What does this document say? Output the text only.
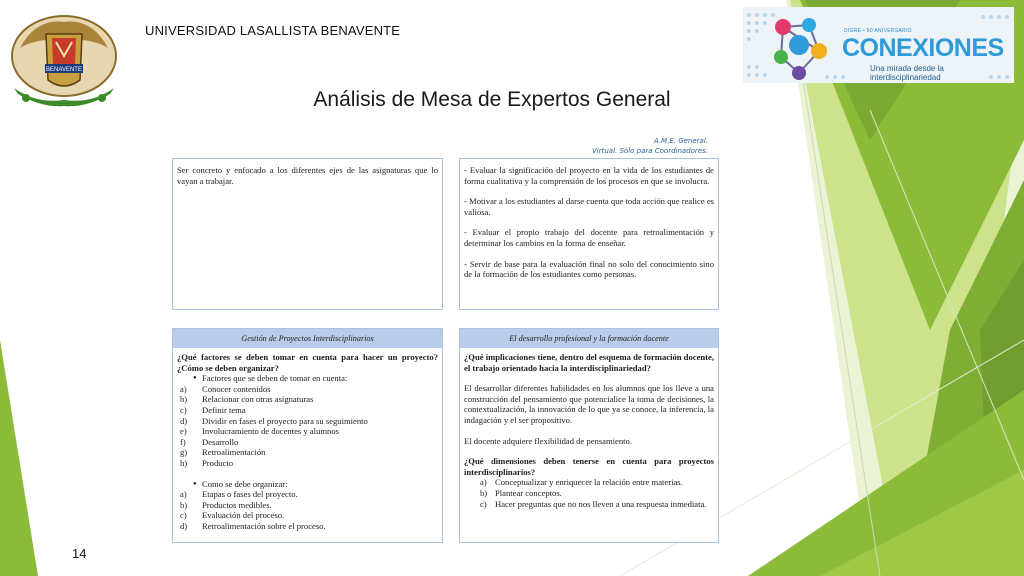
BENAVENTE
UNIVERSIDAD LASALLISTA BENAVENTE	DIGRE • 50 ANIVERSARIO
CONEXIONES
Una mirada desde la interdisciplinariedad
Análisis de Mesa de Expertos General
A.M.E. General.
Virtual. Sólo para Coordinadores.

Ser concreto y enfocado a los diferentes ejes de las asignaturas que lo vayan a trabajar.

- Evaluar la significación del proyecto en la vida de los estudiantes de forma cualitativa y la comprensión de los procesos en que se involucra.

- Motivar a los estudiantes al darse cuenta que toda acción que realice es valiosa.

- Evaluar el propio trabajo del docente para retroalimentación y determinar los cambios en la forma de enseñar.

- Servir de base para la evaluación final no solo del conocimiento sino de la formación de los estudiantes como personas.

Gestión de Proyectos Interdisciplinarios

¿Qué factores se deben tomar en cuenta para hacer un proyecto? ¿Cómo se deben organizar?

● Factores que se deben de tomar en cuenta:
a) Conocer contenidos
b) Relacionar con otras asignaturas
c) Definir tema
d) Dividir en fases el proyecto para su seguimiento
e) Involucramiento de docentes y alumnos
f) Desarrollo
g) Retroalimentación
h) Producto
● Como se debe organizar:
a) Etapas o fases del proyecto.
b) Productos medibles.
c) Evaluación del proceso.
d) Retroalimentación sobre el proceso.
El desarrollo profesional y la formación docente

¿Qué implicaciones tiene, dentro del esquema de formación docente, el trabajo orientado hacia la interdisciplinariedad?

El desarrollar diferentes habilidades en los alumnos que los lleve a una construcción del pensamiento que potencialice la toma de decisiones, la contextualización, la innovación de lo que ya se conoce, la inferencia, la indagación y el ser propositivo.

El docente adquiere flexibilidad de pensamiento.

¿Qué dimensiones deben tenerse en cuenta para proyectos interdisciplinarios?

a) Conceptualizar y enriquecer la relación entre materias.
b) Plantear conceptos.
c) Hacer preguntas que no nos lleven a una respuesta inmediata.
14
